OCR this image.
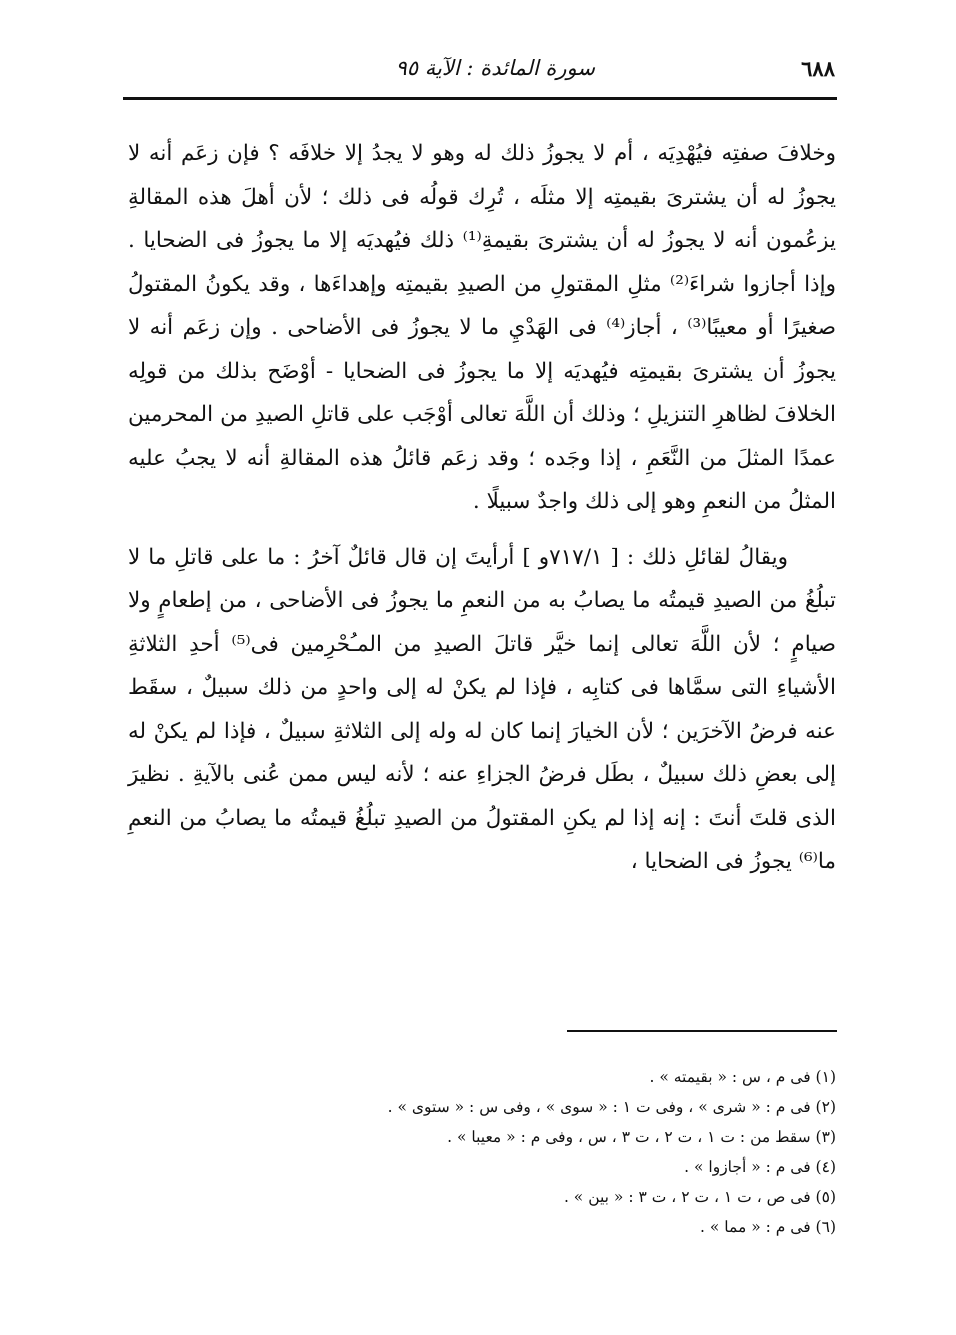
٦٨٨
سورة المائدة : الآية ٩٥

وخلافَ صفتِه فيُهْدِيَه ، أم لا يجوزُ ذلك له وهو لا يجدُ إلا خلافَه ؟ فإن زعَم أنه لا يجوزُ له أن يشترىَ بقيمتِه إلا مثلَه ، تُرِك قولُه فى ذلك ؛ لأن أهلَ هذه المقالةِ يزعُمون أنه لا يجوزُ له أن يشترىَ بقيمةِ⁽¹⁾ ذلك فيُهديَه إلا ما يجوزُ فى الضحايا . وإذا أجازوا شراءَ⁽²⁾ مثلِ المقتولِ من الصيدِ بقيمتِه وإهداءَها ، وقد يكونُ المقتولُ صغيرًا أو معيبًا⁽³⁾ ، أجاز⁽⁴⁾ فى الهَدْيِ ما لا يجوزُ فى الأضاحى . وإن زعَم أنه لا يجوزُ أن يشترىَ بقيمتِه فيُهديَه إلا ما يجوزُ فى الضحايا - أوْضَح بذلك من قولِه الخلافَ لظاهرِ التنزيلِ ؛ وذلك أن اللَّهَ تعالى أوْجَب على قاتلِ الصيدِ من المحرمين عمدًا المثلَ من النَّعَمِ ، إذا وجَده ؛ وقد زعَم قائلُ هذه المقالةِ أنه لا يجبُ عليه المثلُ من النعمِ وهو إلى ذلك واجدٌ سبيلًا .

ويقالُ لقائلِ ذلك : [ ٧١٧/١و ] أرأيتَ إن قال قائلٌ آخرُ : ما على قاتلِ ما لا تبلُغُ من الصيدِ قيمتُه ما يصابُ به من النعمِ ما يجوزُ فى الأضاحى ، من إطعامٍ ولا صيامٍ ؛ لأن اللَّهَ تعالى إنما خيَّر قاتلَ الصيدِ من المـُحْرِمين فى⁽⁵⁾ أحدِ الثلاثةِ الأشياءِ التى سمَّاها فى كتابِه ، فإذا لم يكنْ له إلى واحدٍ من ذلك سبيلٌ ، سقَط عنه فرضُ الآخرَين ؛ لأن الخيارَ إنما كان له وله إلى الثلاثةِ سبيلٌ ، فإذا لم يكنْ له إلى بعضِ ذلك سبيلٌ ، بطَل فرضُ الجزاءِ عنه ؛ لأنه ليس ممن عُنى بالآيةِ . نظيرَ الذى قلتَ أنتَ : إنه إذا لم يكنِ المقتولُ من الصيدِ تبلُغُ قيمتُه ما يصابُ من النعمِ ما⁽⁶⁾ يجوزُ فى الضحايا ،

(١) فى م ، س : « بقيمته » .
(٢) فى م : « شرى » ، وفى ت ١ : « سوى » ، وفى س : « ستوى » .
(٣) سقط من : ت ١ ، ت ٢ ، ت ٣ ، س ، وفى م : « معيبا » .
(٤) فى م : « أجازوا » .
(٥) فى ص ، ت ١ ، ت ٢ ، ت ٣ : « بين » .
(٦) فى م : « مما » .
